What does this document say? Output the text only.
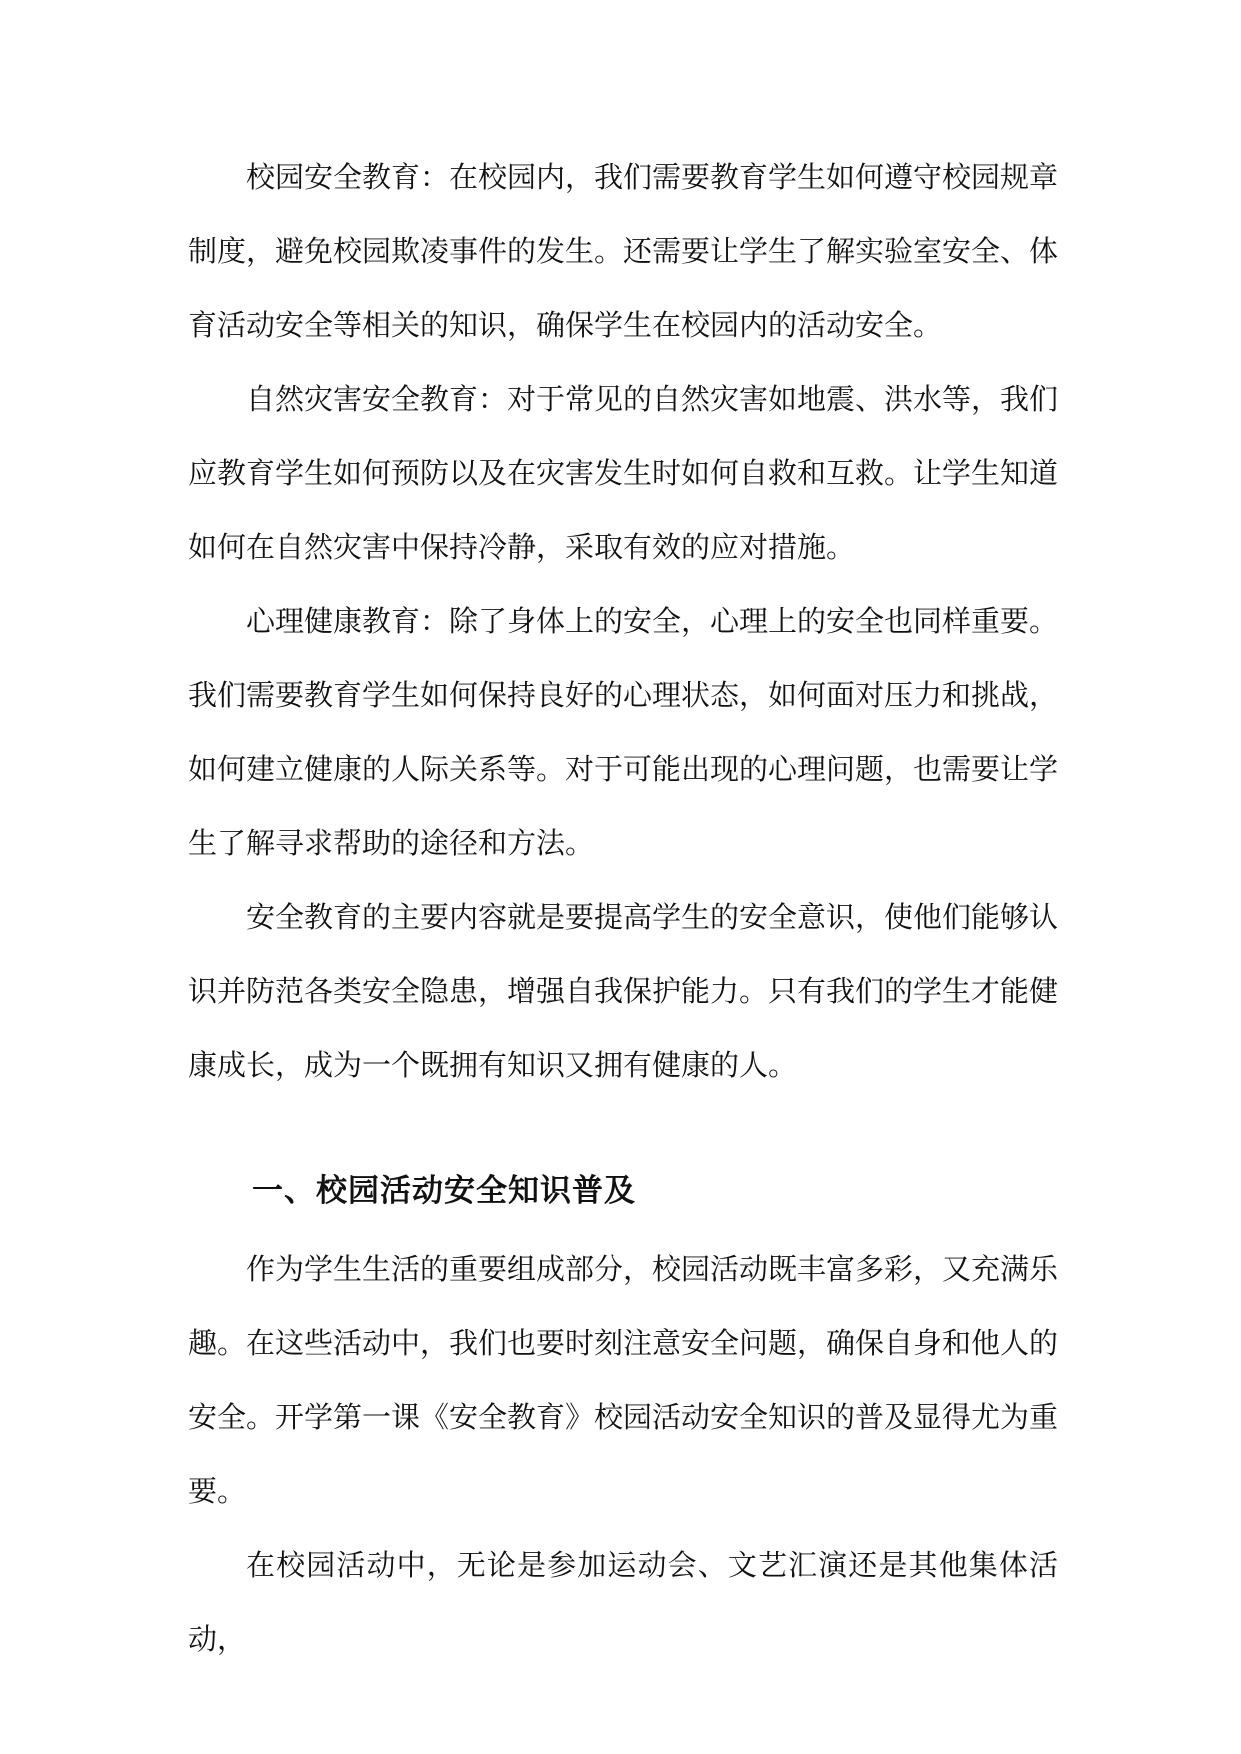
校园安全教育：在校园内，我们需要教育学生如何遵守校园规章制度，避免校园欺凌事件的发生。还需要让学生了解实验室安全、体育活动安全等相关的知识，确保学生在校园内的活动安全。

自然灾害安全教育：对于常见的自然灾害如地震、洪水等，我们应教育学生如何预防以及在灾害发生时如何自救和互救。让学生知道如何在自然灾害中保持冷静，采取有效的应对措施。

心理健康教育：除了身体上的安全，心理上的安全也同样重要。我们需要教育学生如何保持良好的心理状态，如何面对压力和挑战，如何建立健康的人际关系等。对于可能出现的心理问题，也需要让学生了解寻求帮助的途径和方法。

安全教育的主要内容就是要提高学生的安全意识，使他们能够认识并防范各类安全隐患，增强自我保护能力。只有我们的学生才能健康成长，成为一个既拥有知识又拥有健康的人。

一、校园活动安全知识普及

作为学生生活的重要组成部分，校园活动既丰富多彩，又充满乐趣。在这些活动中，我们也要时刻注意安全问题，确保自身和他人的安全。开学第一课《安全教育》校园活动安全知识的普及显得尤为重要。

在校园活动中，无论是参加运动会、文艺汇演还是其他集体活动，
